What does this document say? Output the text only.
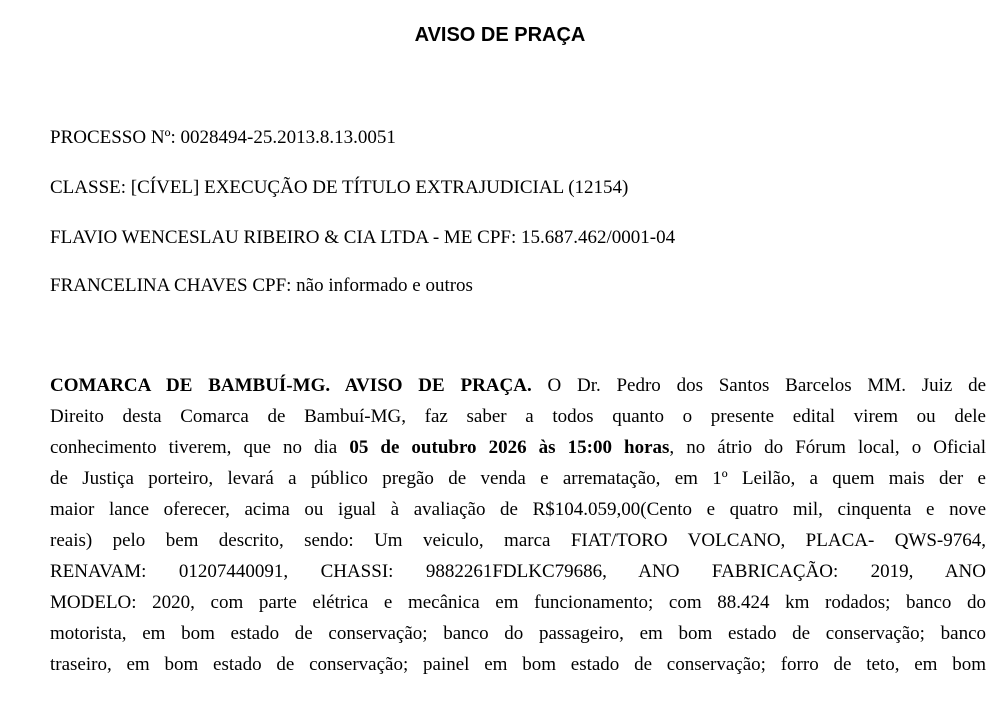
AVISO DE PRAÇA
PROCESSO Nº: 0028494-25.2013.8.13.0051
CLASSE: [CÍVEL] EXECUÇÃO DE TÍTULO EXTRAJUDICIAL (12154)
FLAVIO WENCESLAU RIBEIRO & CIA LTDA - ME CPF: 15.687.462/0001-04
FRANCELINA CHAVES CPF: não informado e outros
COMARCA DE BAMBUÍ-MG. AVISO DE PRAÇA. O Dr. Pedro dos Santos Barcelos MM. Juiz de
Direito desta Comarca de Bambuí-MG, faz saber a todos quanto o presente edital virem ou dele
conhecimento tiverem, que no dia 05 de outubro 2026 às 15:00 horas, no átrio do Fórum local, o Oficial
de Justiça porteiro, levará a público pregão de venda e arrematação, em 1º Leilão, a quem mais der e
maior lance oferecer, acima ou igual à avaliação de R$104.059,00(Cento e quatro mil, cinquenta e nove
reais) pelo bem descrito, sendo: Um veiculo, marca FIAT/TORO VOLCANO, PLACA- QWS-9764,
RENAVAM: 01207440091, CHASSI: 9882261FDLKC79686, ANO FABRICAÇÃO: 2019, ANO
MODELO: 2020, com parte elétrica e mecânica em funcionamento; com 88.424 km rodados; banco do
motorista, em bom estado de conservação; banco do passageiro, em bom estado de conservação; banco
traseiro, em bom estado de conservação; painel em bom estado de conservação; forro de teto, em bom
